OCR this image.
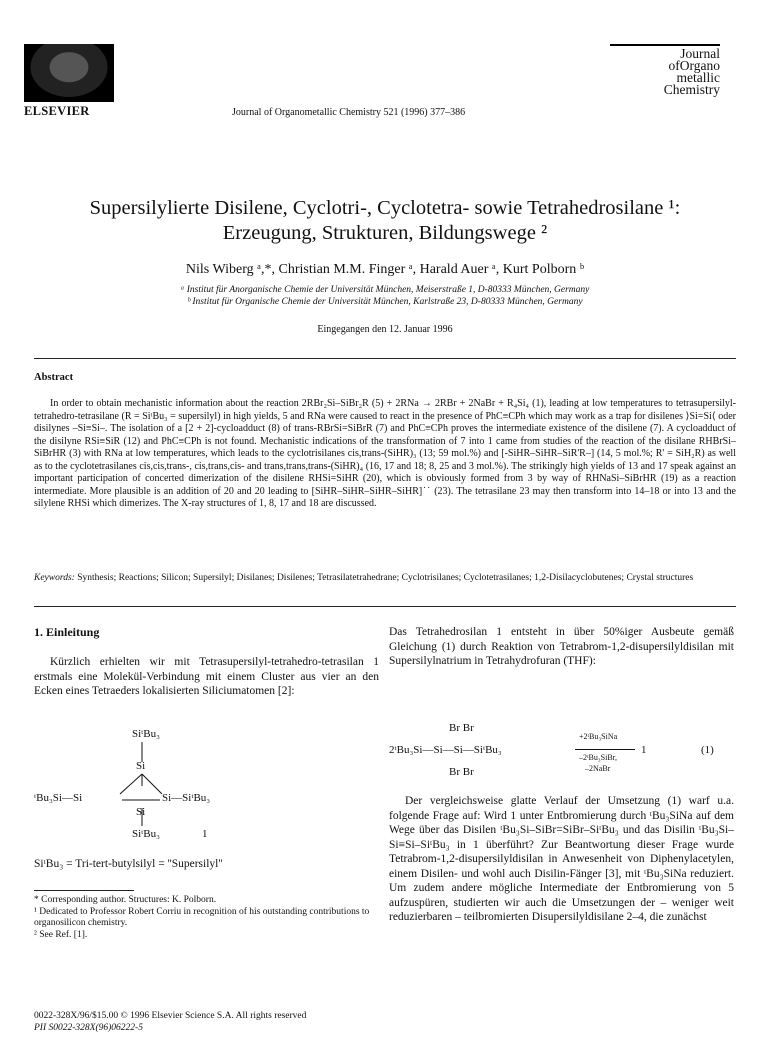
ELSEVIER	Journal of Organometallic Chemistry 521 (1996) 377–386
Journal
ofOrgano
metallic
Chemistry
Supersilylierte Disilene, Cyclotri-, Cyclotetra- sowie Tetrahedrosilane ¹:
Erzeugung, Strukturen, Bildungswege ²
Nils Wiberg ᵃ,*, Christian M.M. Finger ᵃ, Harald Auer ᵃ, Kurt Polborn ᵇ
ᵃ Institut für Anorganische Chemie der Universität München, Meiserstraße 1, D-80333 München, Germany
ᵇ Institut für Organische Chemie der Universität München, Karlstraße 23, D-80333 München, Germany
Eingegangen den 12. Januar 1996
Abstract
In order to obtain mechanistic information about the reaction 2RBr₂Si–SiBr₂R (5) + 2RNa → 2RBr + 2NaBr + R₄Si₄ (1), leading at low temperatures to tetrasupersilyl-tetrahedro-tetrasilane (R = SiᵗBu₃ = supersilyl) in high yields, 5 and RNa were caused to react in the presence of PhC≡CPh which may work as a trap for disilenes ⟩Si=Si⟨ oder disilynes –Si≡Si–. The isolation of a [2 + 2]-cycloadduct (8) of trans-RBrSi=SiBrR (7) and PhC≡CPh proves the intermediate existence of the disilene (7). A cycloadduct of the disilyne RSi≡SiR (12) and PhC≡CPh is not found. Mechanistic indications of the transformation of 7 into 1 came from studies of the reaction of the disilane RHBrSi–SiBrHR (3) with RNa at low temperatures, which leads to the cyclotrisilanes cis,trans-(SiHR)₃ (13; 59 mol.%) and [-SiHR–SiHR–SiR'R–] (14, 5 mol.%; R' = SiH₂R) as well as to the cyclotetrasilanes cis,cis,trans-, cis,trans,cis- and trans,trans,trans-(SiHR)₄ (16, 17 and 18; 8, 25 and 3 mol.%). The strikingly high yields of 13 and 17 speak against an important participation of concerted dimerization of the disilene RHSi=SiHR (20), which is obviously formed from 3 by way of RHNaSi–SiBrHR (19) as a reaction intermediate. More plausible is an addition of 20 and 20 leading to [SiHR–SiHR–SiHR–SiHR]˙˙ (23). The tetrasilane 23 may then transform into 14–18 or into 13 and the silylene RHSi which dimerizes. The X-ray structures of 1, 8, 17 and 18 are discussed.
Keywords: Synthesis; Reactions; Silicon; Supersilyl; Disilanes; Disilenes; Tetrasilatetrahedrane; Cyclotrisilanes; Cyclotetrasilanes; 1,2-Disilacyclobutenes; Crystal structures
1. Einleitung
Kürzlich erhielten wir mit Tetrasupersilyl-tetrahedro-tetrasilan 1 erstmals eine Molekül-Verbindung mit einem Cluster aus vier an den Ecken eines Tetraeders lokalisierten Siliciumatomen [2]:
SiᵗBu₃
Si
ᵗBu₃Si—Si	Si—SiᵗBu₃
Si
SiᵗBu₃	1
SiᵗBu₃ = Tri-tert-butylsilyl = ''Supersilyl''
* Corresponding author. Structures: K. Polborn.
¹ Dedicated to Professor Robert Corriu in recognition of his outstanding contributions to organosilicon chemistry.
² See Ref. [1].
0022-328X/96/$15.00 © 1996 Elsevier Science S.A. All rights reserved
PII S0022-328X(96)06222-5
Das Tetrahedrosilan 1 entsteht in über 50%iger Ausbeute gemäß Gleichung (1) durch Reaktion von Tetrabrom-1,2-disupersilyldisilan mit Supersilylnatrium in Tetrahydrofuran (THF):
Br Br
2ᵗBu₃Si—Si—Si—SiᵗBu₃
Br Br
+2ᵗBu₃SiNa
–2ᵗBu₃SiBr,
–2NaBr
1	(1)
Der vergleichsweise glatte Verlauf der Umsetzung (1) warf u.a. folgende Frage auf: Wird 1 unter Entbromierung durch ᵗBu₃SiNa auf dem Wege über das Disilen ᵗBu₃Si–SiBr=SiBr–SiᵗBu₃ und das Disilin ᵗBu₃Si–Si≡Si–SiᵗBu₃ in 1 überführt? Zur Beantwortung dieser Frage wurde Tetrabrom-1,2-disupersilyldisilan in Anwesenheit von Diphenylacetylen, einem Disilen- und wohl auch Disilin-Fänger [3], mit ᵗBu₃SiNa reduziert. Um zudem andere mögliche Intermediate der Entbromierung von 5 aufzuspüren, studierten wir auch die Umsetzungen der – weniger weit reduzierbaren – teilbromierten Disupersilyldisilane 2–4, die zunächst
